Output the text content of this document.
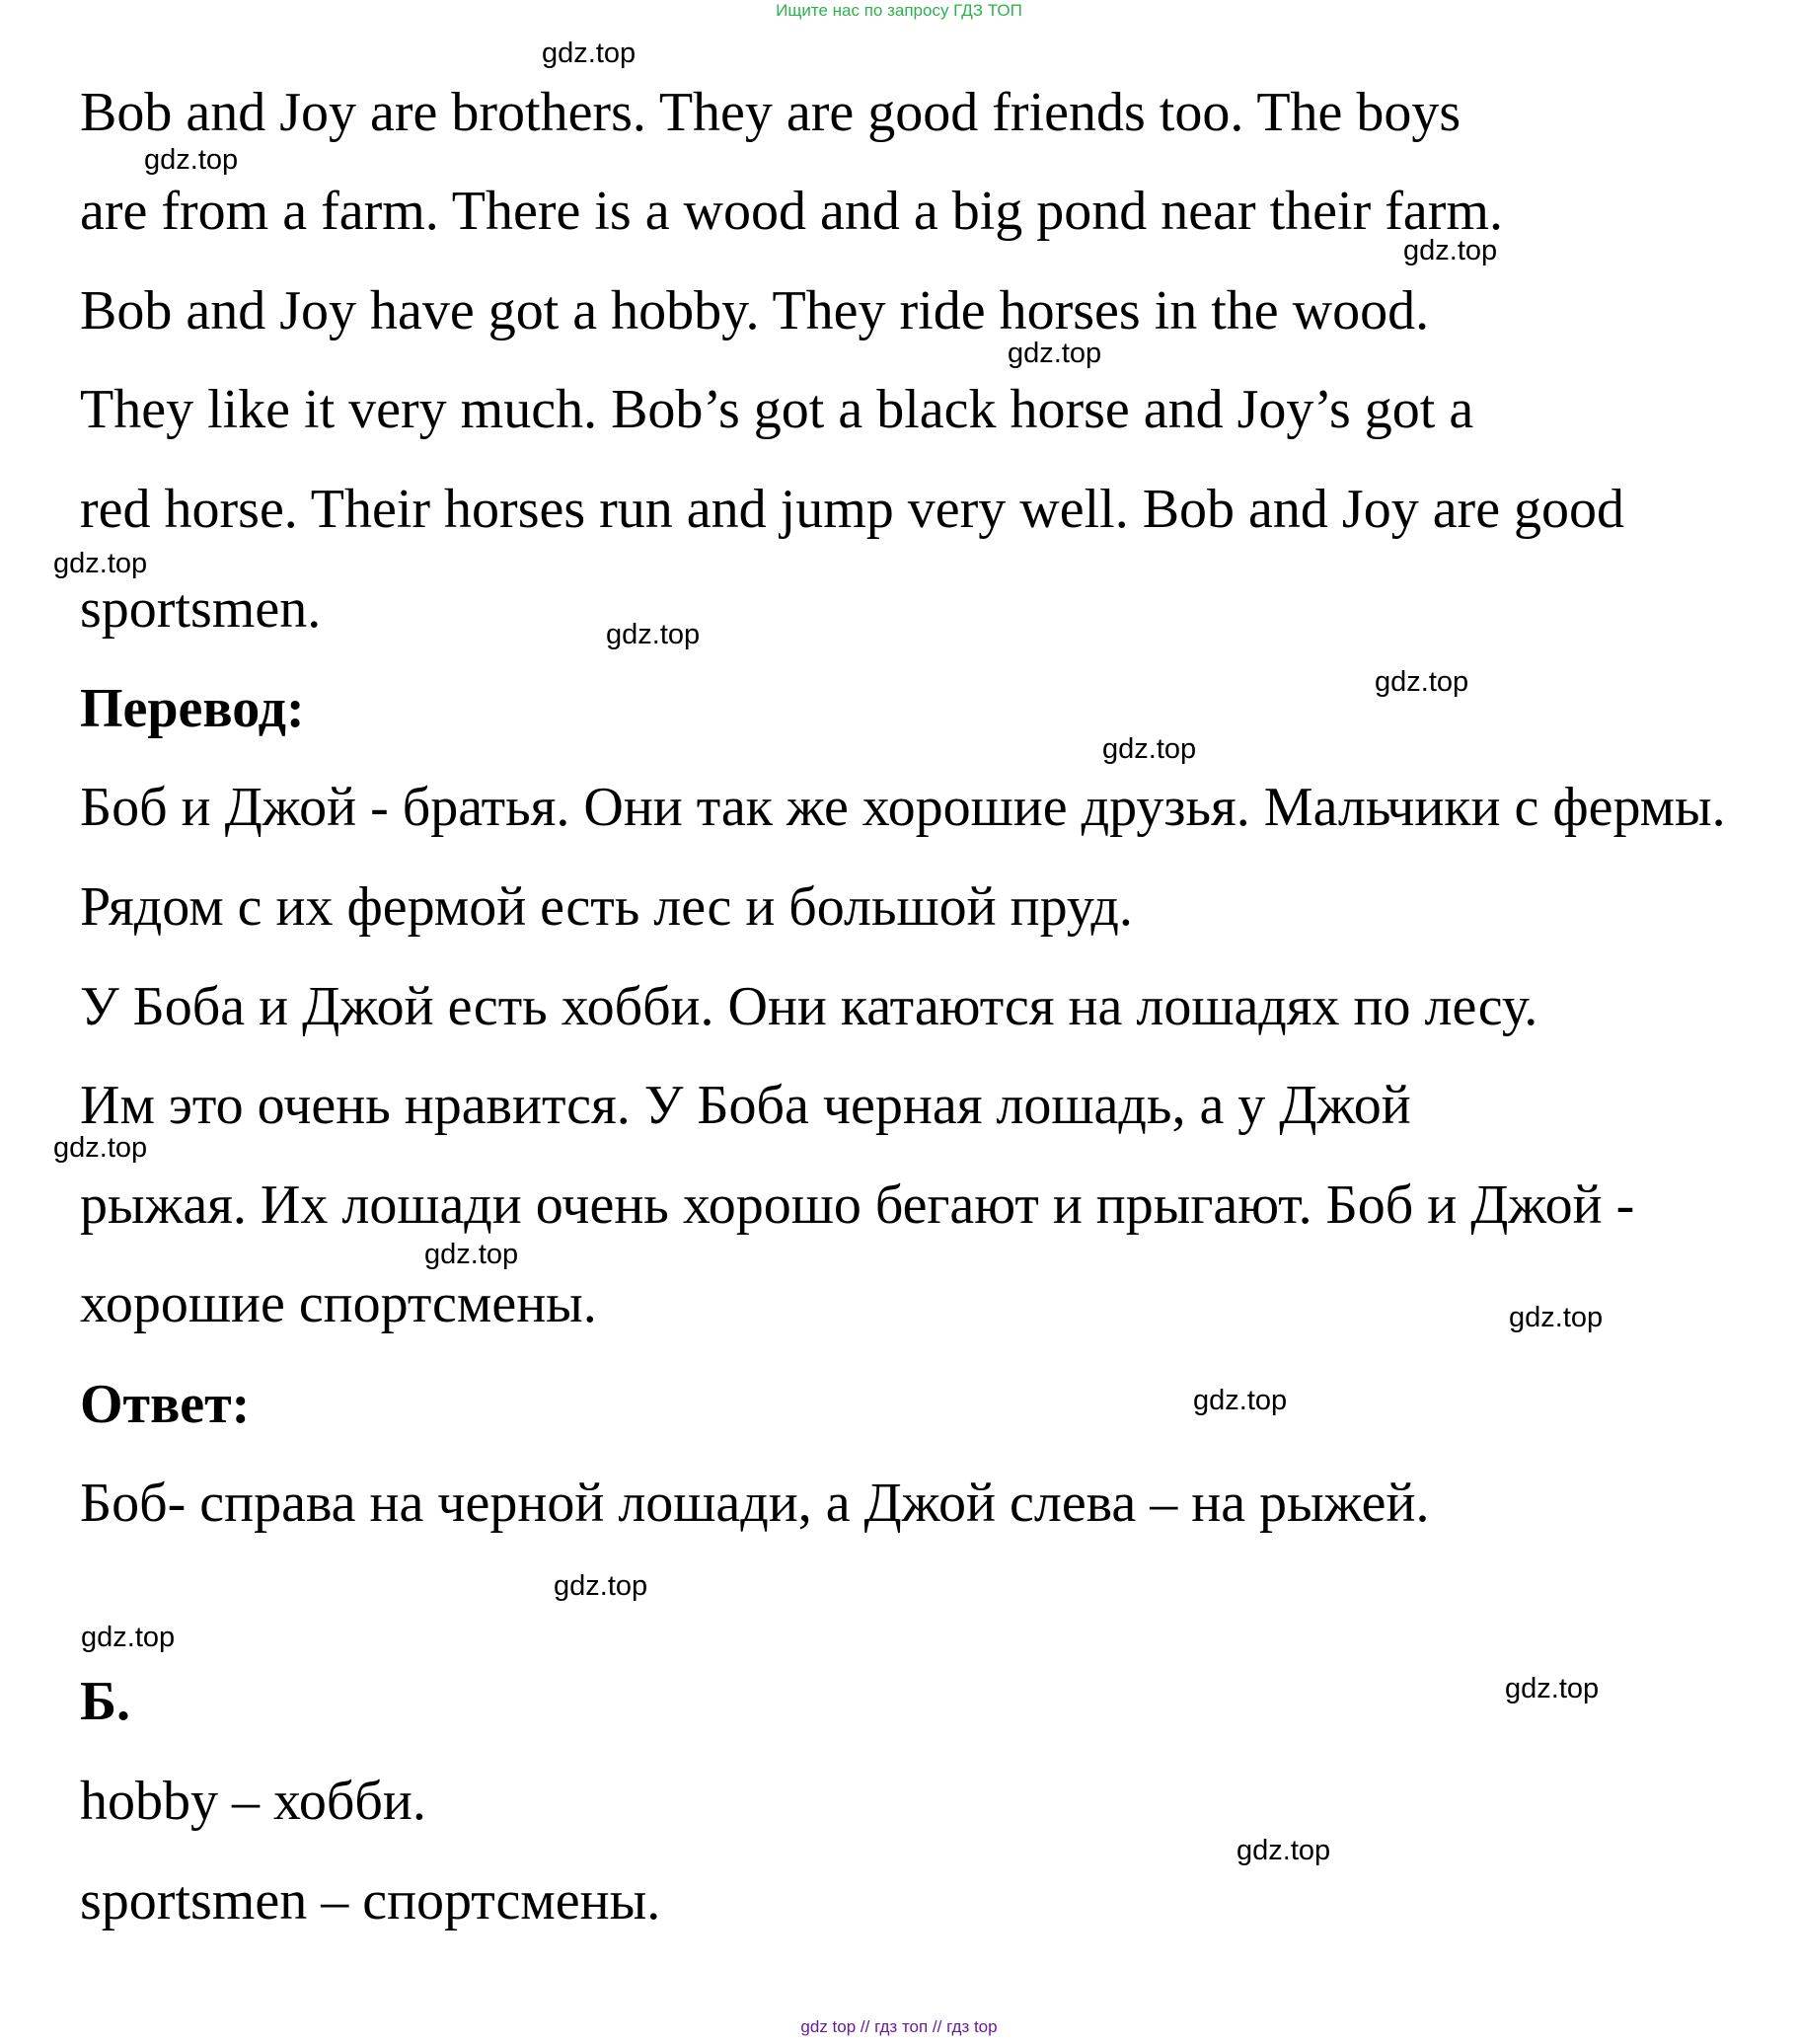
Ищите нас по запросу ГДЗ ТОП
Bob and Joy are brothers. They are good friends too. The boys
are from a farm. There is a wood and a big pond near their farm.
Bob and Joy have got a hobby. They ride horses in the wood.
They like it very much. Bob’s got a black horse and Joy’s got a
red horse. Their horses run and jump very well. Bob and Joy are good
sportsmen.
Перевод:
Боб и Джой - братья. Они так же хорошие друзья. Мальчики с фермы.
Рядом с их фермой есть лес и большой пруд.
У Боба и Джой есть хобби. Они катаются на лошадях по лесу.
Им это очень нравится. У Боба черная лошадь, а у Джой
рыжая. Их лошади очень хорошо бегают и прыгают. Боб и Джой -
хорошие спортсмены.
Ответ:
Боб- справа на черной лошади, а Джой слева – на рыжей.
Б.
hobby – хобби.
sportsmen – спортсмены.
gdz.top
gdz.top
gdz.top
gdz.top
gdz.top
gdz.top
gdz.top
gdz.top
gdz.top
gdz.top
gdz.top
gdz.top
gdz.top
gdz.top
gdz.top
gdz.top
gdz top // гдз топ // гдз top
